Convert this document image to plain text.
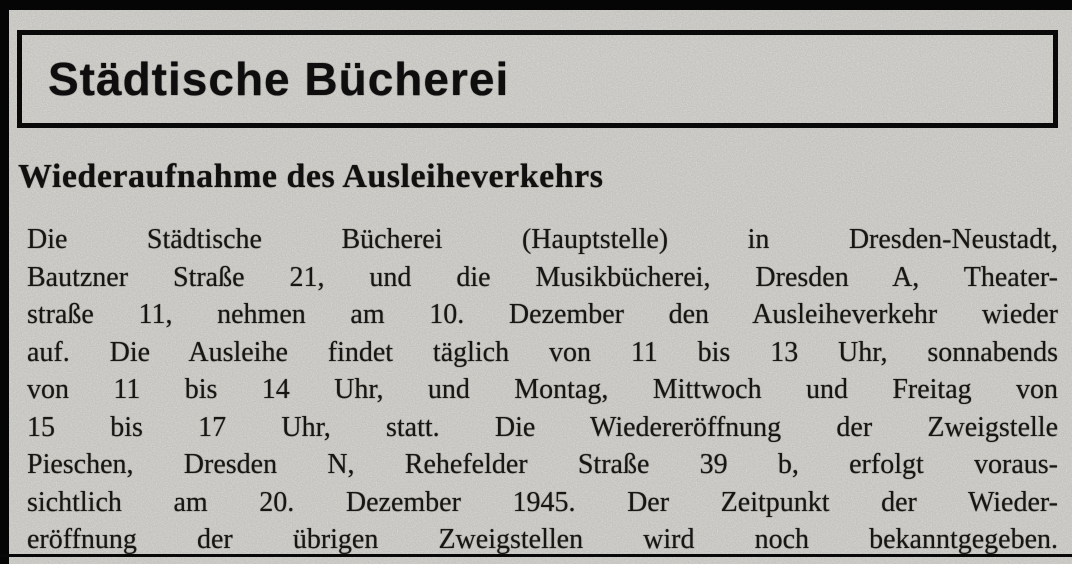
Städtische Bücherei
Wiederaufnahme des Ausleiheverkehrs
Die Städtische Bücherei (Hauptstelle) in Dresden-Neustadt,
Bautzner Straße 21, und die Musikbücherei, Dresden A, Theater-
straße 11, nehmen am 10. Dezember den Ausleiheverkehr wieder
auf. Die Ausleihe findet täglich von 11 bis 13 Uhr, sonnabends
von 11 bis 14 Uhr, und Montag, Mittwoch und Freitag von
15 bis 17 Uhr, statt. Die Wiedereröffnung der Zweigstelle
Pieschen, Dresden N, Rehefelder Straße 39 b, erfolgt voraus-
sichtlich am 20. Dezember 1945. Der Zeitpunkt der Wieder-
eröffnung der übrigen Zweigstellen wird noch bekanntgegeben.
